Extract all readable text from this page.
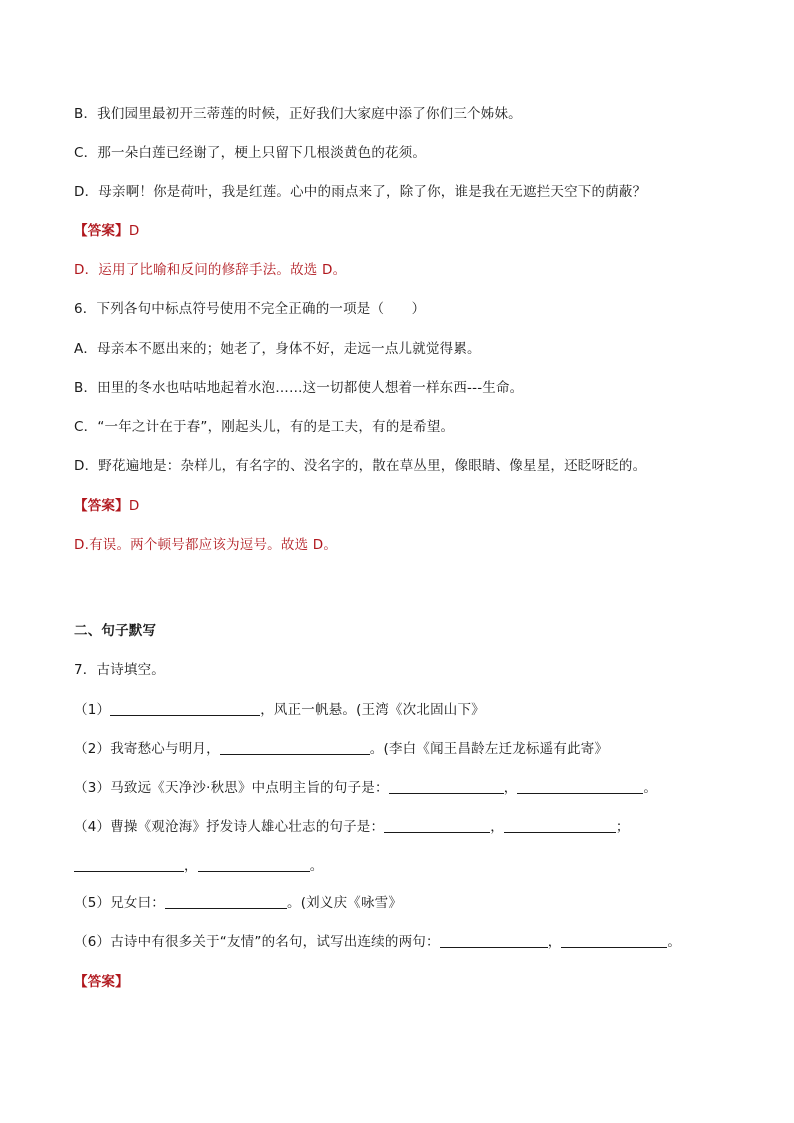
B．我们园里最初开三蒂莲的时候，正好我们大家庭中添了你们三个姊妹。
C．那一朵白莲已经谢了，梗上只留下几根淡黄色的花须。
D．母亲啊！你是荷叶，我是红莲。心中的雨点来了，除了你，谁是我在无遮拦天空下的荫蔽？
【答案】D
D．运用了比喻和反问的修辞手法。故选 D。
6．下列各句中标点符号使用不完全正确的一项是（　　）
A．母亲本不愿出来的；她老了，身体不好，走远一点儿就觉得累。
B．田里的冬水也咕咕地起着水泡……这一切都使人想着一样东西---生命。
C．“一年之计在于春”，刚起头儿，有的是工夫，有的是希望。
D．野花遍地是：杂样儿，有名字的、没名字的，散在草丛里，像眼睛、像星星，还眨呀眨的。
【答案】D
D.有误。两个顿号都应该为逗号。故选 D。
二、句子默写
7．古诗填空。
（1）	，风正一帆悬。(王湾《次北固山下》
（2）我寄愁心与明月，	。(李白《闻王昌龄左迁龙标遥有此寄》
（3）马致远《天净沙·秋思》中点明主旨的句子是：	，	。
（4）曹操《观沧海》抒发诗人雄心壮志的句子是：	，	；
，	。
（5）兄女曰：	。(刘义庆《咏雪》
（6）古诗中有很多关于“友情”的名句，试写出连续的两句：	，	。
【答案】
